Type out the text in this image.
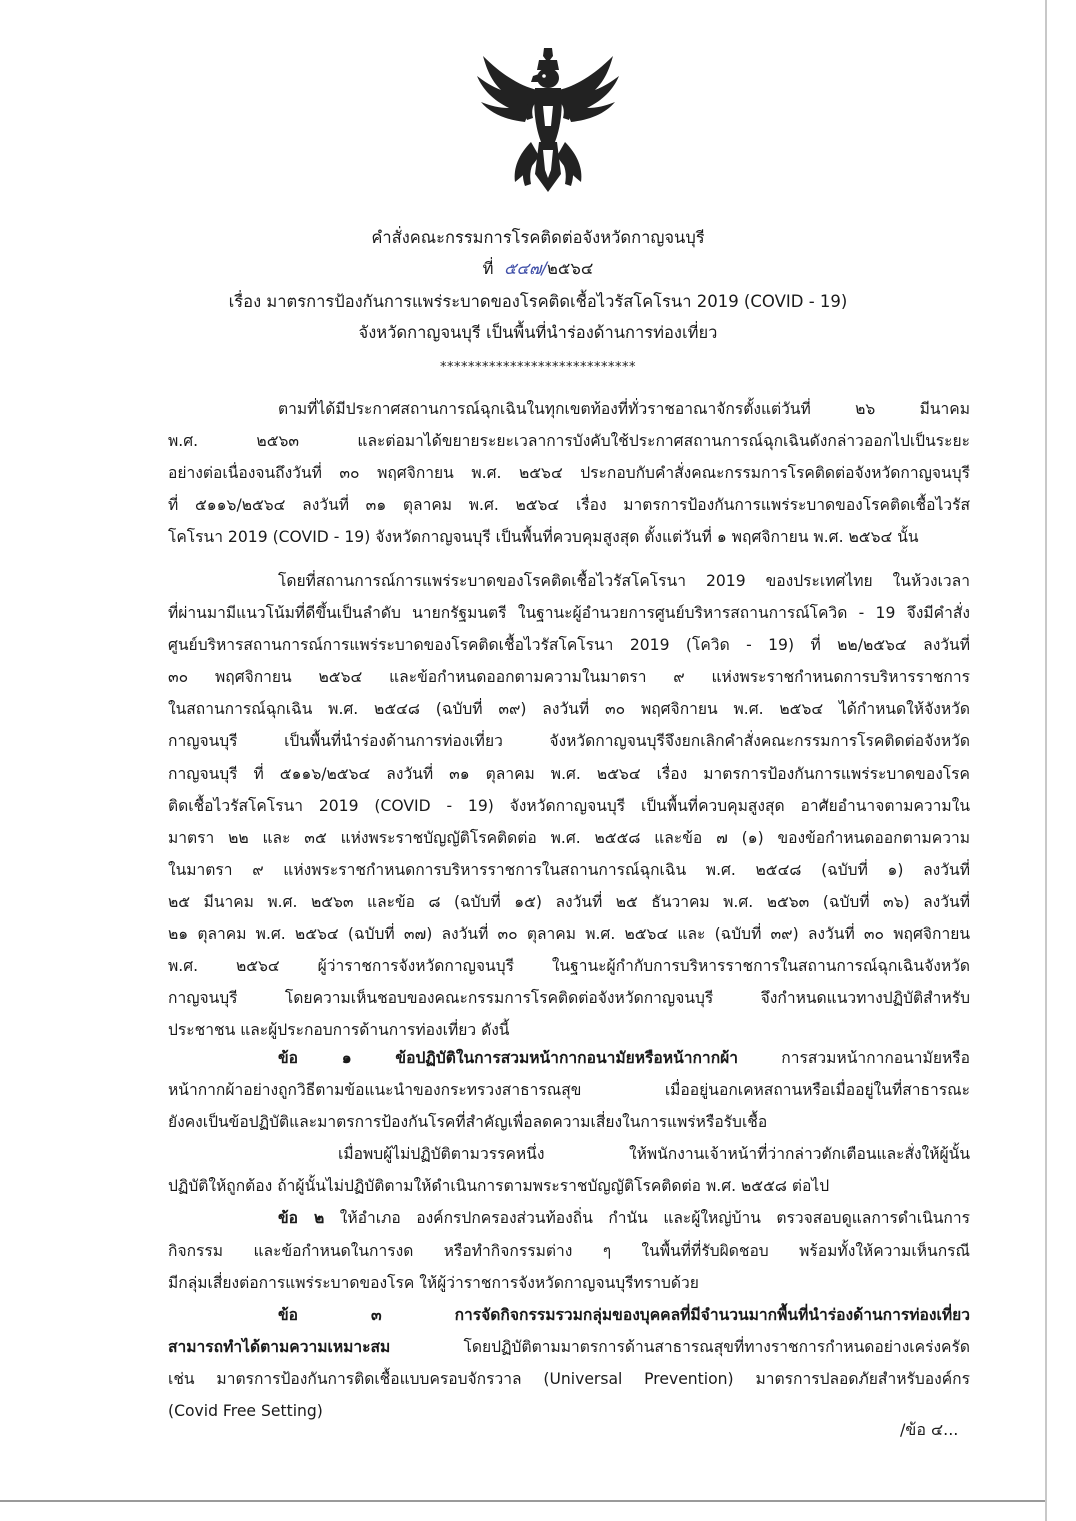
คำสั่งคณะกรรมการโรคติดต่อจังหวัดกาญจนบุรี
ที่ ๕๔๗/๒๕๖๔
เรื่อง มาตรการป้องกันการแพร่ระบาดของโรคติดเชื้อไวรัสโคโรนา 2019 (COVID - 19)
จังหวัดกาญจนบุรี เป็นพื้นที่นำร่องด้านการท่องเที่ยว
****************************
ตามที่ได้มีประกาศสถานการณ์ฉุกเฉินในทุกเขตท้องที่ทั่วราชอาณาจักรตั้งแต่วันที่ ๒๖ มีนาคม
พ.ศ. ๒๕๖๓ และต่อมาได้ขยายระยะเวลาการบังคับใช้ประกาศสถานการณ์ฉุกเฉินดังกล่าวออกไปเป็นระยะ
อย่างต่อเนื่องจนถึงวันที่ ๓๐ พฤศจิกายน พ.ศ. ๒๕๖๔ ประกอบกับคำสั่งคณะกรรมการโรคติดต่อจังหวัดกาญจนบุรี
ที่ ๕๑๑๖/๒๕๖๔ ลงวันที่ ๓๑ ตุลาคม พ.ศ. ๒๕๖๔ เรื่อง มาตรการป้องกันการแพร่ระบาดของโรคติดเชื้อไวรัส
โคโรนา 2019 (COVID - 19) จังหวัดกาญจนบุรี เป็นพื้นที่ควบคุมสูงสุด ตั้งแต่วันที่ ๑ พฤศจิกายน พ.ศ. ๒๕๖๔ นั้น
โดยที่สถานการณ์การแพร่ระบาดของโรคติดเชื้อไวรัสโคโรนา 2019 ของประเทศไทย ในห้วงเวลา
ที่ผ่านมามีแนวโน้มที่ดีขึ้นเป็นลำดับ นายกรัฐมนตรี ในฐานะผู้อำนวยการศูนย์บริหารสถานการณ์โควิด - 19 จึงมีคำสั่ง
ศูนย์บริหารสถานการณ์การแพร่ระบาดของโรคติดเชื้อไวรัสโคโรนา 2019 (โควิด - 19) ที่ ๒๒/๒๕๖๔ ลงวันที่
๓๐ พฤศจิกายน ๒๕๖๔ และข้อกำหนดออกตามความในมาตรา ๙ แห่งพระราชกำหนดการบริหารราชการ
ในสถานการณ์ฉุกเฉิน พ.ศ. ๒๕๔๘ (ฉบับที่ ๓๙) ลงวันที่ ๓๐ พฤศจิกายน พ.ศ. ๒๕๖๔ ได้กำหนดให้จังหวัด
กาญจนบุรี เป็นพื้นที่นำร่องด้านการท่องเที่ยว จังหวัดกาญจนบุรีจึงยกเลิกคำสั่งคณะกรรมการโรคติดต่อจังหวัด
กาญจนบุรี ที่ ๕๑๑๖/๒๕๖๔ ลงวันที่ ๓๑ ตุลาคม พ.ศ. ๒๕๖๔ เรื่อง มาตรการป้องกันการแพร่ระบาดของโรค
ติดเชื้อไวรัสโคโรนา 2019 (COVID - 19) จังหวัดกาญจนบุรี เป็นพื้นที่ควบคุมสูงสุด อาศัยอำนาจตามความใน
มาตรา ๒๒ และ ๓๕ แห่งพระราชบัญญัติโรคติดต่อ พ.ศ. ๒๕๕๘ และข้อ ๗ (๑) ของข้อกำหนดออกตามความ
ในมาตรา ๙ แห่งพระราชกำหนดการบริหารราชการในสถานการณ์ฉุกเฉิน พ.ศ. ๒๕๔๘ (ฉบับที่ ๑) ลงวันที่
๒๕ มีนาคม พ.ศ. ๒๕๖๓ และข้อ ๘ (ฉบับที่ ๑๕) ลงวันที่ ๒๕ ธันวาคม พ.ศ. ๒๕๖๓ (ฉบับที่ ๓๖) ลงวันที่
๒๑ ตุลาคม พ.ศ. ๒๕๖๔ (ฉบับที่ ๓๗) ลงวันที่ ๓๐ ตุลาคม พ.ศ. ๒๕๖๔ และ (ฉบับที่ ๓๙) ลงวันที่ ๓๐ พฤศจิกายน
พ.ศ. ๒๕๖๔ ผู้ว่าราชการจังหวัดกาญจนบุรี ในฐานะผู้กำกับการบริหารราชการในสถานการณ์ฉุกเฉินจังหวัด
กาญจนบุรี โดยความเห็นชอบของคณะกรรมการโรคติดต่อจังหวัดกาญจนบุรี จึงกำหนดแนวทางปฏิบัติสำหรับ
ประชาชน และผู้ประกอบการด้านการท่องเที่ยว ดังนี้
ข้อ ๑ ข้อปฏิบัติในการสวมหน้ากากอนามัยหรือหน้ากากผ้า การสวมหน้ากากอนามัยหรือ
หน้ากากผ้าอย่างถูกวิธีตามข้อแนะนำของกระทรวงสาธารณสุข เมื่ออยู่นอกเคหสถานหรือเมื่ออยู่ในที่สาธารณะ
ยังคงเป็นข้อปฏิบัติและมาตรการป้องกันโรคที่สำคัญเพื่อลดความเสี่ยงในการแพร่หรือรับเชื้อ
เมื่อพบผู้ไม่ปฏิบัติตามวรรคหนึ่ง ให้พนักงานเจ้าหน้าที่ว่ากล่าวตักเตือนและสั่งให้ผู้นั้น
ปฏิบัติให้ถูกต้อง ถ้าผู้นั้นไม่ปฏิบัติตามให้ดำเนินการตามพระราชบัญญัติโรคติดต่อ พ.ศ. ๒๕๕๘ ต่อไป
ข้อ ๒ ให้อำเภอ องค์กรปกครองส่วนท้องถิ่น กำนัน และผู้ใหญ่บ้าน ตรวจสอบดูแลการดำเนินการ
กิจกรรม และข้อกำหนดในการงด หรือทำกิจกรรมต่าง ๆ ในพื้นที่ที่รับผิดชอบ พร้อมทั้งให้ความเห็นกรณี
มีกลุ่มเสี่ยงต่อการแพร่ระบาดของโรค ให้ผู้ว่าราชการจังหวัดกาญจนบุรีทราบด้วย
ข้อ ๓ การจัดกิจกรรมรวมกลุ่มของบุคคลที่มีจำนวนมากพื้นที่นำร่องด้านการท่องเที่ยว
สามารถทำได้ตามความเหมาะสม โดยปฏิบัติตามมาตรการด้านสาธารณสุขที่ทางราชการกำหนดอย่างเคร่งครัด
เช่น มาตรการป้องกันการติดเชื้อแบบครอบจักรวาล (Universal Prevention) มาตรการปลอดภัยสำหรับองค์กร
(Covid Free Setting)
/ข้อ ๔...
